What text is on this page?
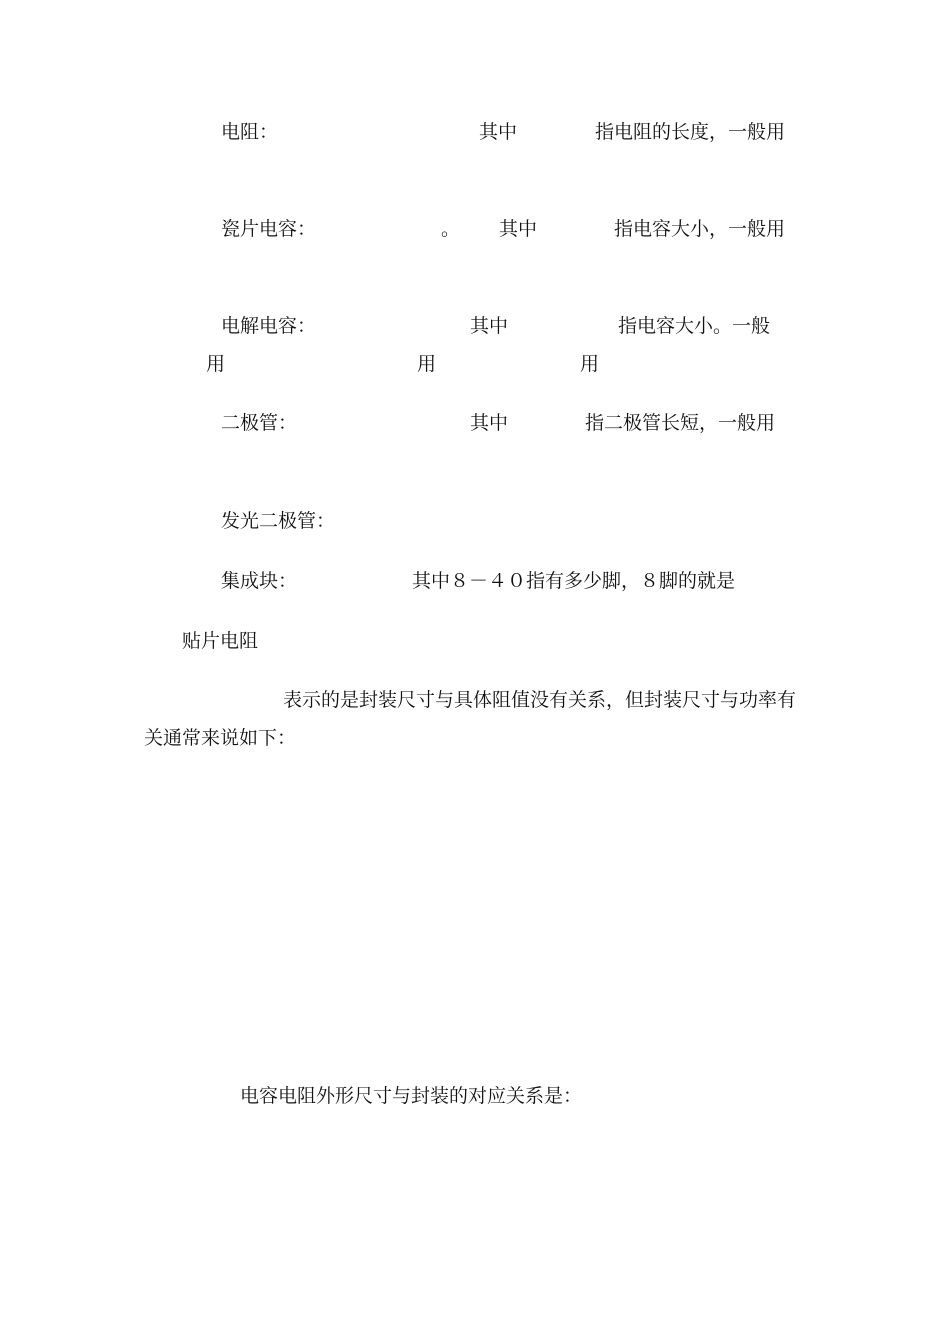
电阻：	其中	指电阻的长度，一般用
瓷片电容：	。 其中	指电容大小，一般用
电解电容：	其中	指电容大小。一般
用	用	用
二极管：	其中	指二极管长短，一般用
发光二极管：
集成块：	其中８－４０指有多少脚，８脚的就是
贴片电阻
表示的是封装尺寸与具体阻值没有关系，但封装尺寸与功率有
关通常来说如下：
电容电阻外形尺寸与封装的对应关系是：
